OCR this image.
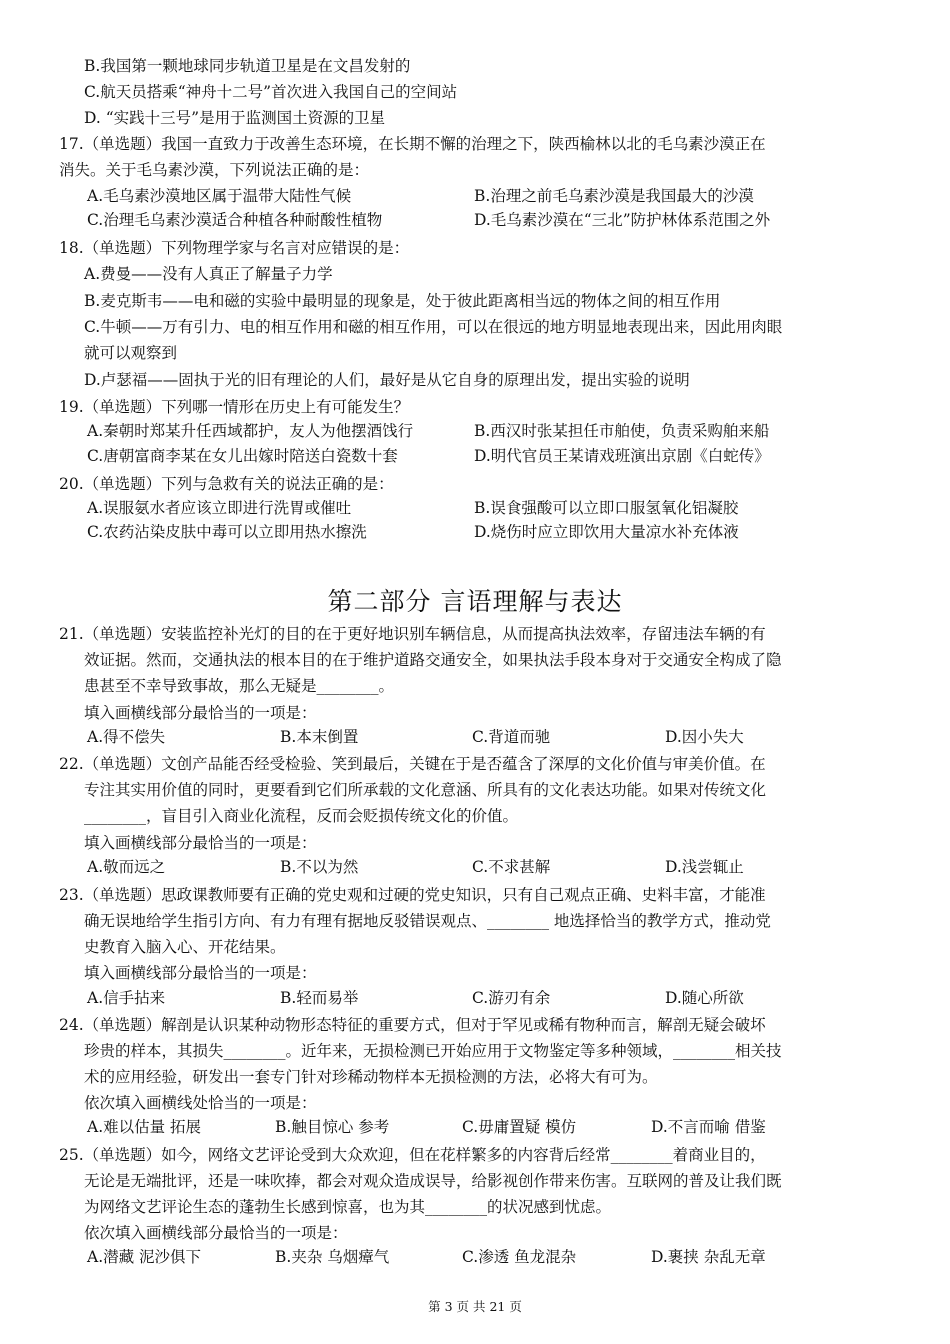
B.我国第一颗地球同步轨道卫星是在文昌发射的
C.航天员搭乘“神舟十二号”首次进入我国自己的空间站
D. “实践十三号”是用于监测国土资源的卫星
17.（单选题）我国一直致力于改善生态环境，在长期不懈的治理之下，陕西榆林以北的毛乌素沙漠正在
消失。关于毛乌素沙漠，下列说法正确的是：
A.毛乌素沙漠地区属于温带大陆性气候	B.治理之前毛乌素沙漠是我国最大的沙漠
C.治理毛乌素沙漠适合种植各种耐酸性植物	D.毛乌素沙漠在“三北”防护林体系范围之外
18.（单选题）下列物理学家与名言对应错误的是：
A.费曼——没有人真正了解量子力学
B.麦克斯韦——电和磁的实验中最明显的现象是，处于彼此距离相当远的物体之间的相互作用
C.牛顿——万有引力、电的相互作用和磁的相互作用，可以在很远的地方明显地表现出来，因此用肉眼
就可以观察到
D.卢瑟福——固执于光的旧有理论的人们，最好是从它自身的原理出发，提出实验的说明
19.（单选题）下列哪一情形在历史上有可能发生？
A.秦朝时郑某升任西域都护，友人为他摆酒饯行	B.西汉时张某担任市舶使，负责采购舶来船
C.唐朝富商李某在女儿出嫁时陪送白瓷数十套	D.明代官员王某请戏班演出京剧《白蛇传》
20.（单选题）下列与急救有关的说法正确的是：
A.误服氨水者应该立即进行洗胃或催吐	B.误食强酸可以立即口服氢氧化铝凝胶
C.农药沾染皮肤中毒可以立即用热水擦洗	D.烧伤时应立即饮用大量凉水补充体液
第二部分 言语理解与表达
21.（单选题）安装监控补光灯的目的在于更好地识别车辆信息，从而提高执法效率，存留违法车辆的有
效证据。然而，交通执法的根本目的在于维护道路交通安全，如果执法手段本身对于交通安全构成了隐
患甚至不幸导致事故，那么无疑是________。
填入画横线部分最恰当的一项是：
A.得不偿失	B.本末倒置	C.背道而驰	D.因小失大
22.（单选题）文创产品能否经受检验、笑到最后，关键在于是否蕴含了深厚的文化价值与审美价值。在
专注其实用价值的同时，更要看到它们所承载的文化意涵、所具有的文化表达功能。如果对传统文化
________，盲目引入商业化流程，反而会贬损传统文化的价值。
填入画横线部分最恰当的一项是：
A.敬而远之	B.不以为然	C.不求甚解	D.浅尝辄止
23.（单选题）思政课教师要有正确的党史观和过硬的党史知识，只有自己观点正确、史料丰富，才能准
确无误地给学生指引方向、有力有理有据地反驳错误观点、________ 地选择恰当的教学方式，推动党
史教育入脑入心、开花结果。
填入画横线部分最恰当的一项是：
A.信手拈来	B.轻而易举	C.游刃有余	D.随心所欲
24.（单选题）解剖是认识某种动物形态特征的重要方式，但对于罕见或稀有物种而言，解剖无疑会破坏
珍贵的样本，其损失________。近年来，无损检测已开始应用于文物鉴定等多种领域，________相关技
术的应用经验，研发出一套专门针对珍稀动物样本无损检测的方法，必将大有可为。
依次填入画横线处恰当的一项是：
A.难以估量 拓展	B.触目惊心 参考	C.毋庸置疑 模仿	D.不言而喻 借鉴
25.（单选题）如今，网络文艺评论受到大众欢迎，但在花样繁多的内容背后经常________着商业目的，
无论是无端批评，还是一味吹捧，都会对观众造成误导，给影视创作带来伤害。互联网的普及让我们既
为网络文艺评论生态的蓬勃生长感到惊喜，也为其________的状况感到忧虑。
依次填入画横线部分最恰当的一项是：
A.潜藏 泥沙俱下	B.夹杂 乌烟瘴气	C.渗透 鱼龙混杂	D.裹挟 杂乱无章
第 3 页 共 21 页
